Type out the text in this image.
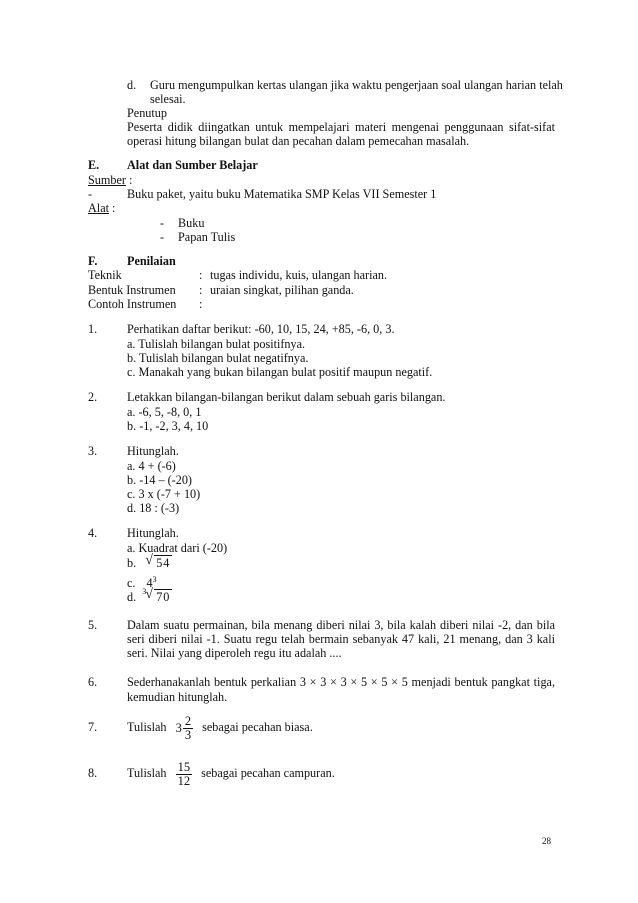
d. Guru mengumpulkan kertas ulangan jika waktu pengerjaan soal ulangan harian telah
selesai.
Penutup
Peserta didik diingatkan untuk mempelajari materi mengenai penggunaan sifat-sifat operasi hitung bilangan bulat dan pecahan dalam pemecahan masalah.
E. Alat dan Sumber Belajar
Sumber :
-	Buku paket, yaitu buku Matematika SMP Kelas VII Semester 1
Alat :
- Buku
- Papan Tulis
F. Penilaian
Teknik	: tugas individu, kuis, ulangan harian.
Bentuk Instrumen : uraian singkat, pilihan ganda.
Contoh Instrumen :
1. Perhatikan daftar berikut: -60, 10, 15, 24, +85, -6, 0, 3.
a. Tulislah bilangan bulat positifnya.
b. Tulislah bilangan bulat negatifnya.
c. Manakah yang bukan bilangan bulat positif maupun negatif.
2. Letakkan bilangan-bilangan berikut dalam sebuah garis bilangan.
a. -6, 5, -8, 0, 1
b. -1, -2, 3, 4, 10
3. Hitunglah.
a. 4 + (-6)
b. -14 – (-20)
c. 3 x (-7 + 10)
d. 18 : (-3)
4. Hitunglah.
a. Kuadrat dari (-20)
b. √ 54
c. $4^3$
d. 3 √ 70
5. Dalam suatu permainan, bila menang diberi nilai 3, bila kalah diberi nilai -2, dan bila seri diberi nilai -1. Suatu regu telah bermain sebanyak 47 kali, 21 menang, dan 3 kali seri. Nilai yang diperoleh regu itu adalah ....
6. Sederhanakanlah bentuk perkalian 3 × 3 × 3 × 5 × 5 × 5 menjadi bentuk pangkat tiga,
kemudian hitunglah.
7. Tulislah $3 \frac{2}{3}$ sebagai pecahan biasa.
8. Tulislah $\frac{15}{12}$ sebagai pecahan campuran.
28
